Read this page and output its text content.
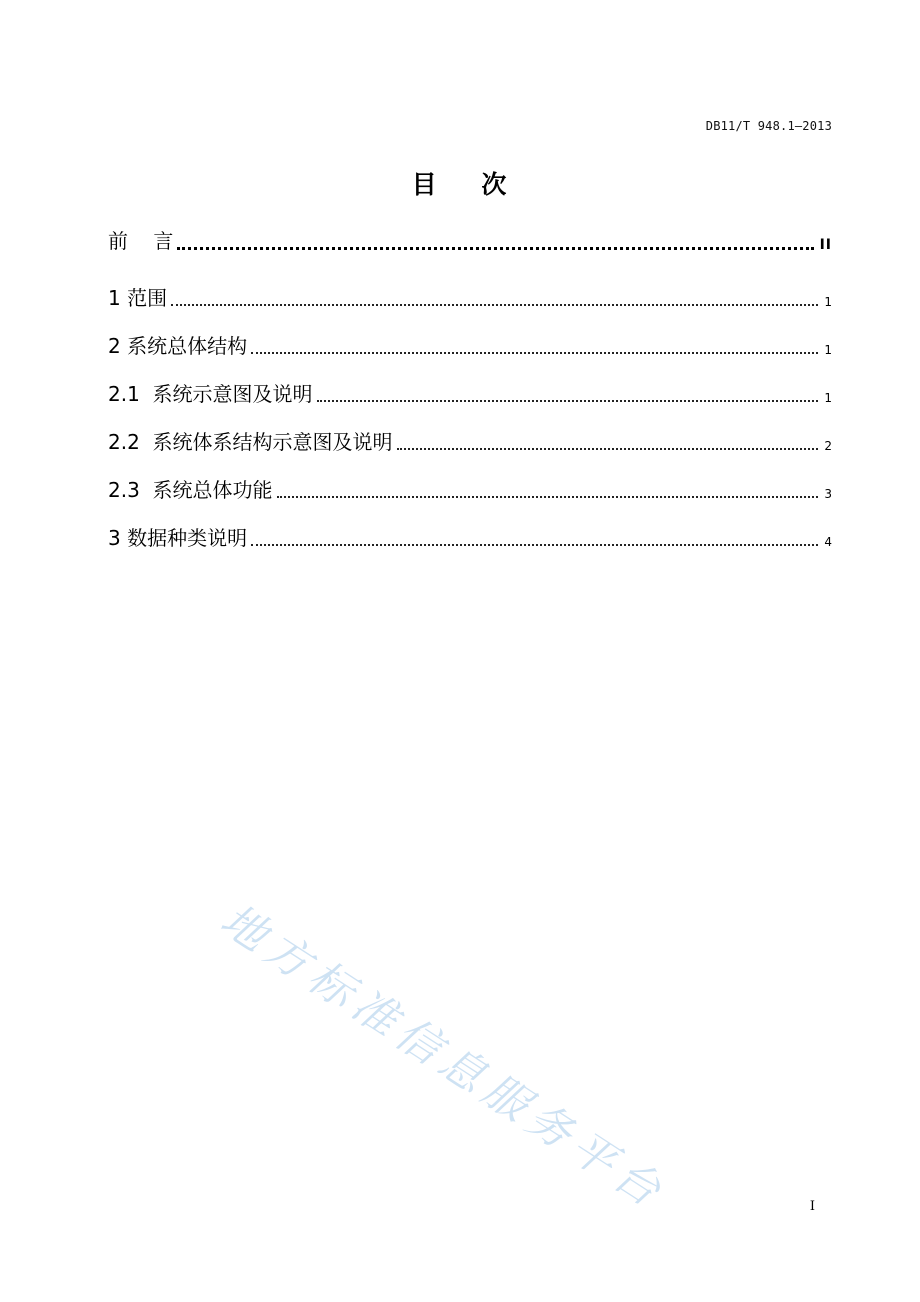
DB11/T 948.1—2013
目    次
前    言	II
1 范围	1
2 系统总体结构	1
2.1  系统示意图及说明	1
2.2  系统体系结构示意图及说明	2
2.3  系统总体功能	3
3 数据种类说明	4
地方标准信息服务平台	I
